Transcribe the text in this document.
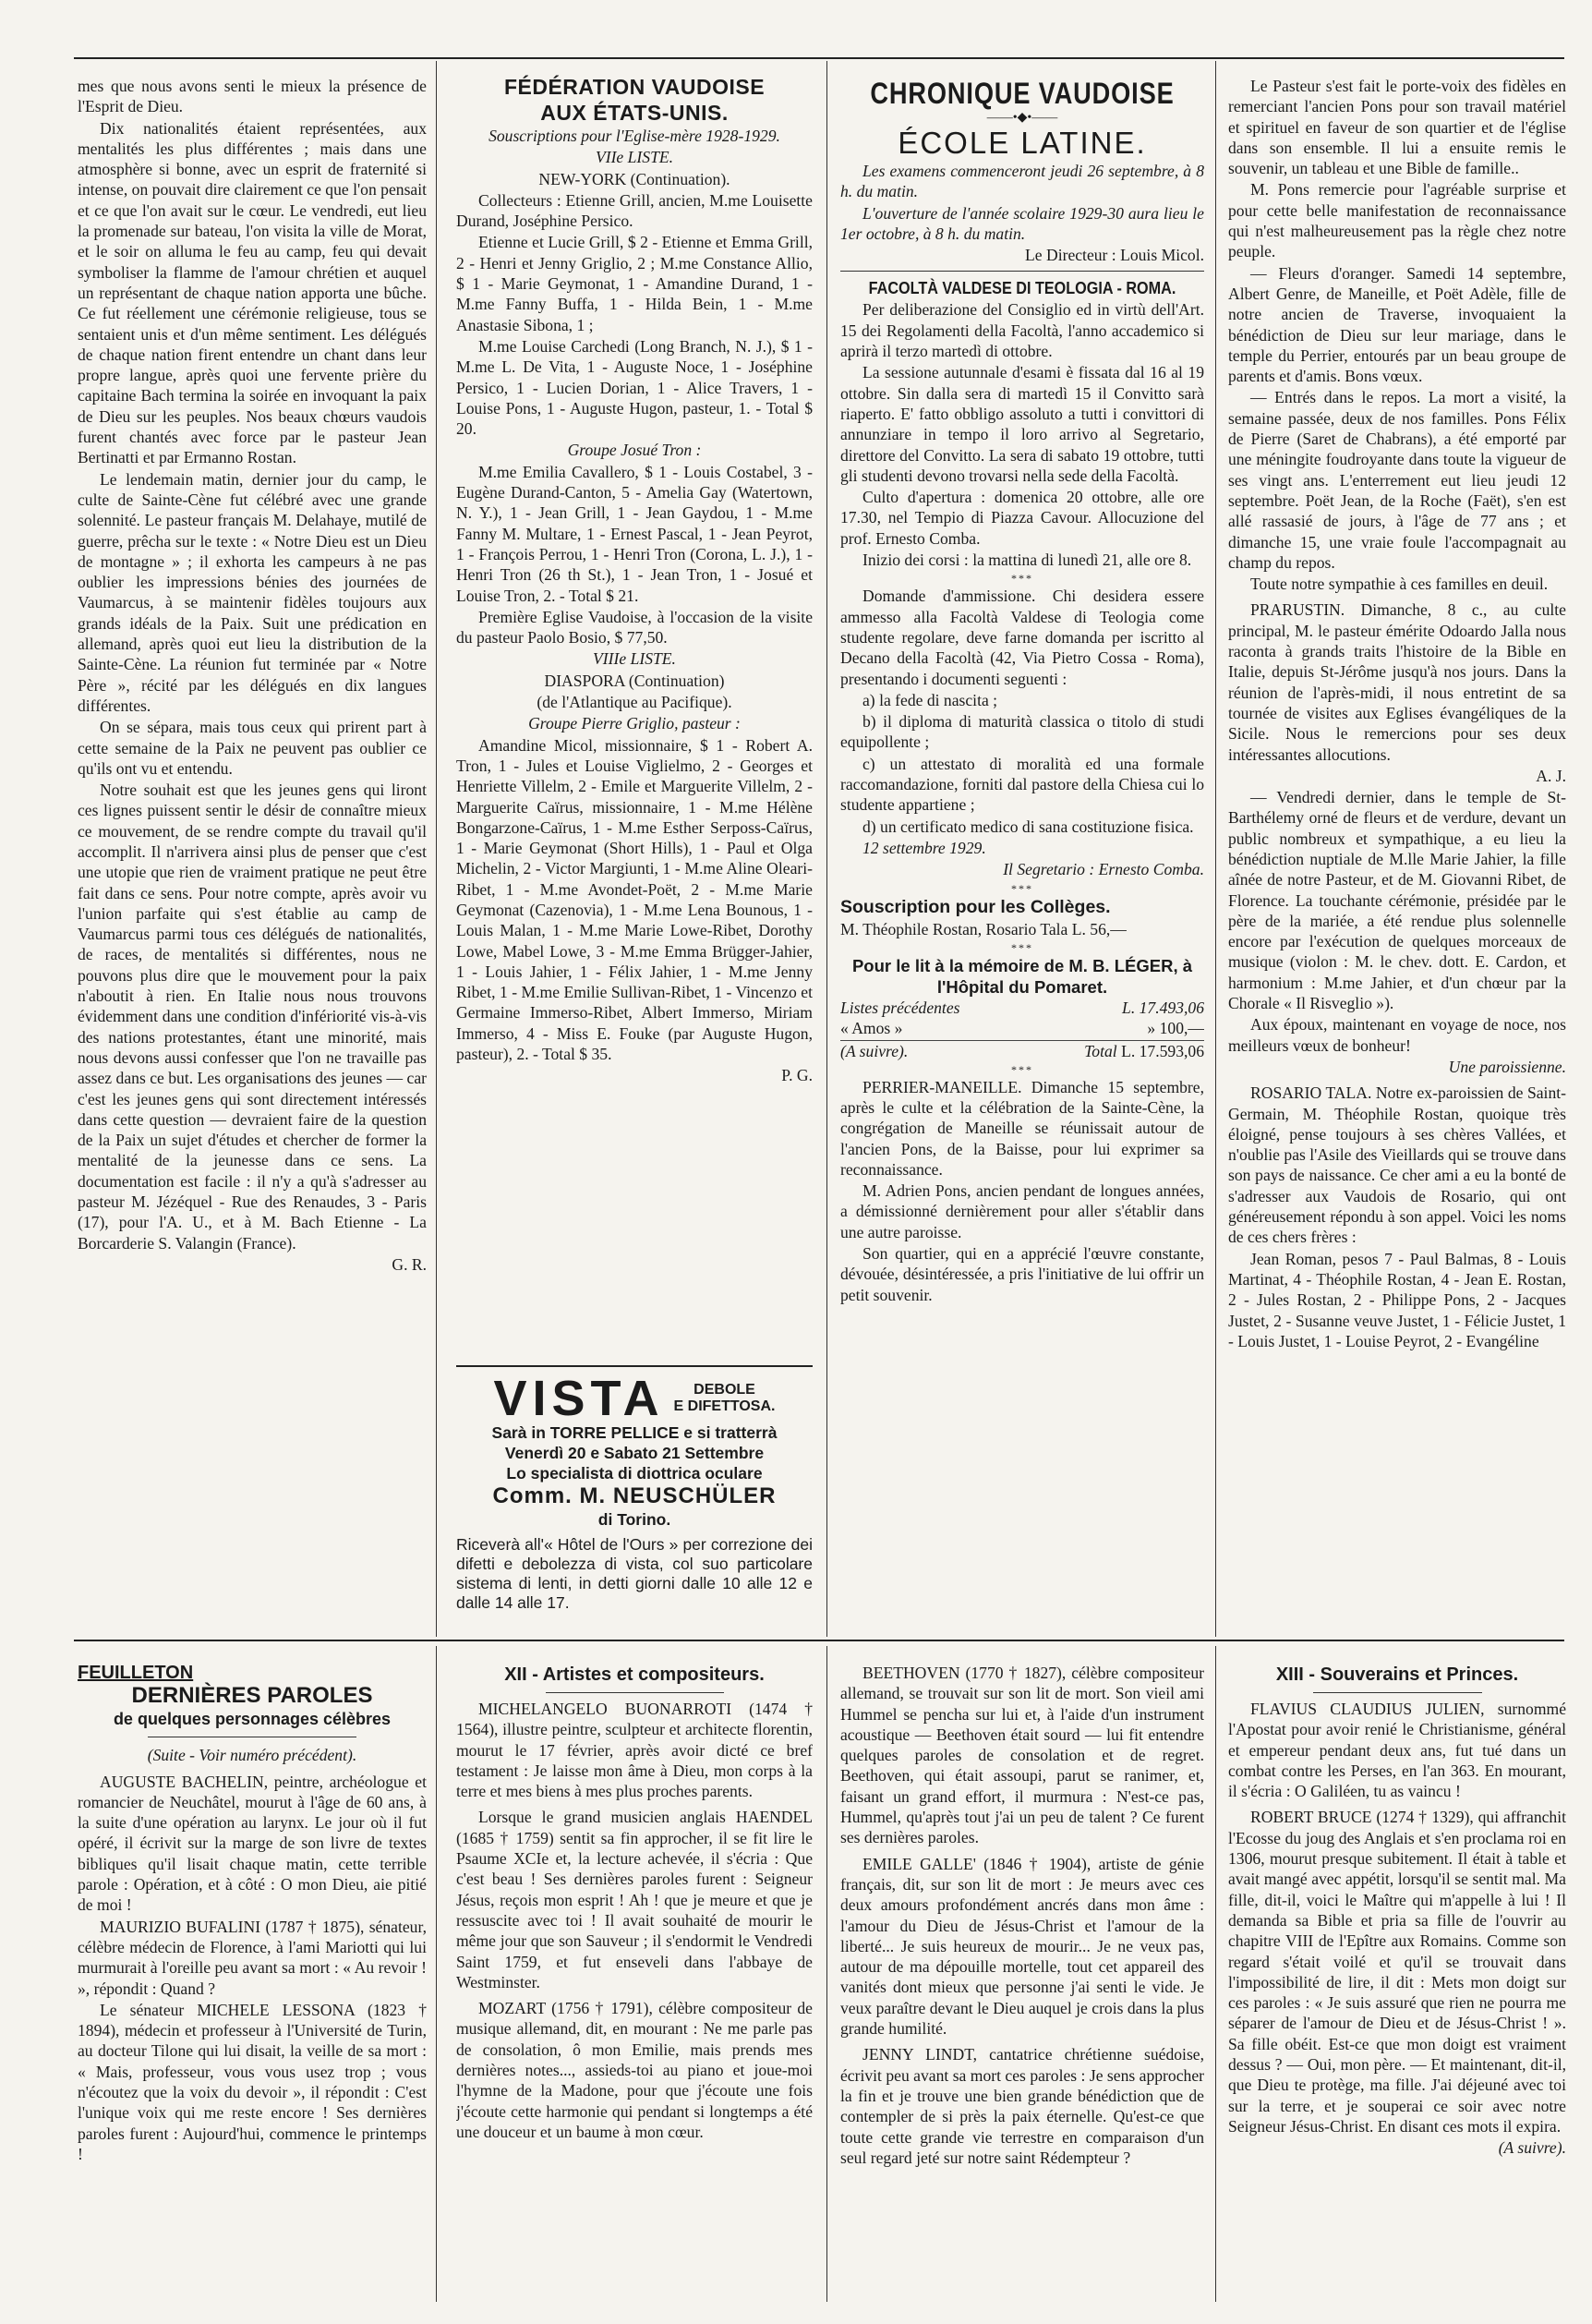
mes que nous avons senti le mieux la présence de l'Esprit de Dieu.

Dix nationalités étaient représentées, aux mentalités les plus différentes ; mais dans une atmosphère si bonne, avec un esprit de fraternité si intense, on pouvait dire clairement ce que l'on pensait et ce que l'on avait sur le cœur. Le vendredi, eut lieu la promenade sur bateau, l'on visita la ville de Morat, et le soir on alluma le feu au camp, feu qui devait symboliser la flamme de l'amour chrétien et auquel un représentant de chaque nation apporta une bûche. Ce fut réellement une cérémonie religieuse, tous se sentaient unis et d'un même sentiment. Les délégués de chaque nation firent entendre un chant dans leur propre langue, après quoi une fervente prière du capitaine Bach termina la soirée en invoquant la paix de Dieu sur les peuples. Nos beaux chœurs vaudois furent chantés avec force par le pasteur Jean Bertinatti et par Ermanno Rostan.

Le lendemain matin, dernier jour du camp, le culte de Sainte-Cène fut célébré avec une grande solennité. Le pasteur français M. Delahaye, mutilé de guerre, prêcha sur le texte : « Notre Dieu est un Dieu de montagne » ; il exhorta les campeurs à ne pas oublier les impressions bénies des journées de Vaumarcus, à se maintenir fidèles toujours aux grands idéals de la Paix. Suit une prédication en allemand, après quoi eut lieu la distribution de la Sainte-Cène. La réunion fut terminée par « Notre Père », récité par les délégués en dix langues différentes.

On se sépara, mais tous ceux qui prirent part à cette semaine de la Paix ne peuvent pas oublier ce qu'ils ont vu et entendu.

Notre souhait est que les jeunes gens qui liront ces lignes puissent sentir le désir de connaître mieux ce mouvement, de se rendre compte du travail qu'il accomplit. Il n'arrivera ainsi plus de penser que c'est une utopie que rien de vraiment pratique ne peut être fait dans ce sens. Pour notre compte, après avoir vu l'union parfaite qui s'est établie au camp de Vaumarcus parmi tous ces délégués de nationalités, de races, de mentalités si différentes, nous ne pouvons plus dire que le mouvement pour la paix n'aboutit à rien. En Italie nous nous trouvons évidemment dans une condition d'infériorité vis-à-vis des nations protestantes, étant une minorité, mais nous devons aussi confesser que l'on ne travaille pas assez dans ce but. Les organisations des jeunes — car c'est les jeunes gens qui sont directement intéressés dans cette question — devraient faire de la question de la Paix un sujet d'études et chercher de former la mentalité de la jeunesse dans ce sens. La documentation est facile : il n'y a qu'à s'adresser au pasteur M. Jézéquel - Rue des Renaudes, 3 - Paris (17), pour l'A. U., et à M. Bach Etienne - La Borcarderie S. Valangin (France).

G. R.

FÉDÉRATION VAUDOISE
AUX ÉTATS-UNIS.

Souscriptions pour l'Eglise-mère 1928-1929.

VIIe LISTE.

NEW-YORK (Continuation).

Collecteurs : Etienne Grill, ancien, M.me Louisette Durand, Joséphine Persico.

Etienne et Lucie Grill, $ 2 - Etienne et Emma Grill, 2 - Henri et Jenny Griglio, 2 ; M.me Constance Allio, $ 1 - Marie Geymonat, 1 - Amandine Durand, 1 - M.me Fanny Buffa, 1 - Hilda Bein, 1 - M.me Anastasie Sibona, 1 ;

M.me Louise Carchedi (Long Branch, N. J.), $ 1 - M.me L. De Vita, 1 - Auguste Noce, 1 - Joséphine Persico, 1 - Lucien Dorian, 1 - Alice Travers, 1 - Louise Pons, 1 - Auguste Hugon, pasteur, 1. - Total $ 20.

Groupe Josué Tron :

M.me Emilia Cavallero, $ 1 - Louis Costabel, 3 - Eugène Durand-Canton, 5 - Amelia Gay (Watertown, N. Y.), 1 - Jean Grill, 1 - Jean Gaydou, 1 - M.me Fanny M. Multare, 1 - Ernest Pascal, 1 - Jean Peyrot, 1 - François Perrou, 1 - Henri Tron (Corona, L. J.), 1 - Henri Tron (26 th St.), 1 - Jean Tron, 1 - Josué et Louise Tron, 2. - Total $ 21.

Première Eglise Vaudoise, à l'occasion de la visite du pasteur Paolo Bosio, $ 77,50.

VIIIe LISTE.

DIASPORA (Continuation)

(de l'Atlantique au Pacifique).

Groupe Pierre Griglio, pasteur :

Amandine Micol, missionnaire, $ 1 - Robert A. Tron, 1 - Jules et Louise Viglielmo, 2 - Georges et Henriette Villelm, 2 - Emile et Marguerite Villelm, 2 - Marguerite Caïrus, missionnaire, 1 - M.me Hélène Bongarzone-Caïrus, 1 - M.me Esther Serposs-Caïrus, 1 - Marie Geymonat (Short Hills), 1 - Paul et Olga Michelin, 2 - Victor Margiunti, 1 - M.me Aline Oleari-Ribet, 1 - M.me Avondet-Poët, 2 - M.me Marie Geymonat (Cazenovia), 1 - M.me Lena Bounous, 1 - Louis Malan, 1 - M.me Marie Lowe-Ribet, Dorothy Lowe, Mabel Lowe, 3 - M.me Emma Brügger-Jahier, 1 - Louis Jahier, 1 - Félix Jahier, 1 - M.me Jenny Ribet, 1 - M.me Emilie Sullivan-Ribet, 1 - Vincenzo et Germaine Immerso-Ribet, Albert Immerso, Miriam Immerso, 4 - Miss E. Fouke (par Auguste Hugon, pasteur), 2. - Total $ 35.

P. G.

VISTA	DEBOLE
E DIFETTOSA.
Sarà in TORRE PELLICE e si tratterrà
Venerdì 20 e Sabato 21 Settembre
Lo specialista di diottrica oculare
Comm. M. NEUSCHÜLER
di Torino.
Riceverà all'« Hôtel de l'Ours » per correzione dei difetti e debolezza di vista, col suo particolare sistema di lenti, in detti giorni dalle 10 alle 12 e dalle 14 alle 17.
CHRONIQUE VAUDOISE
——•◆•——
ÉCOLE LATINE.

Les examens commenceront jeudi 26 septembre, à 8 h. du matin.

L'ouverture de l'année scolaire 1929-30 aura lieu le 1er octobre, à 8 h. du matin.

Le Directeur : Louis Micol.

FACOLTÀ VALDESE DI TEOLOGIA - ROMA.

Per deliberazione del Consiglio ed in virtù dell'Art. 15 dei Regolamenti della Facoltà, l'anno accademico si aprirà il terzo martedì di ottobre.

La sessione autunnale d'esami è fissata dal 16 al 19 ottobre. Sin dalla sera di martedì 15 il Convitto sarà riaperto. E' fatto obbligo assoluto a tutti i convittori di annunziare in tempo il loro arrivo al Segretario, direttore del Convitto. La sera di sabato 19 ottobre, tutti gli studenti devono trovarsi nella sede della Facoltà.

Culto d'apertura : domenica 20 ottobre, alle ore 17.30, nel Tempio di Piazza Cavour. Allocuzione del prof. Ernesto Comba.

Inizio dei corsi : la mattina di lunedì 21, alle ore 8.

***

Domande d'ammissione. Chi desidera essere ammesso alla Facoltà Valdese di Teologia come studente regolare, deve farne domanda per iscritto al Decano della Facoltà (42, Via Pietro Cossa - Roma), presentando i documenti seguenti :

a) la fede di nascita ;

b) il diploma di maturità classica o titolo di studi equipollente ;

c) un attestato di moralità ed una formale raccomandazione, forniti dal pastore della Chiesa cui lo studente appartiene ;

d) un certificato medico di sana costituzione fisica.

12 settembre 1929.

Il Segretario : Ernesto Comba.

***
Souscription pour les Collèges.

M. Théophile Rostan, Rosario Tala L. 56,—

***
Pour le lit à la mémoire de M. B. LÉGER, à l'Hôpital du Pomaret.
Listes précédentes	L. 17.493,06
« Amos »	» 100,—
(A suivre).	Total L. 17.593,06
***

PERRIER-MANEILLE. Dimanche 15 septembre, après le culte et la célébration de la Sainte-Cène, la congrégation de Maneille se réunissait autour de l'ancien Pons, de la Baisse, pour lui exprimer sa reconnaissance.

M. Adrien Pons, ancien pendant de longues années, a démissionné dernièrement pour aller s'établir dans une autre paroisse.

Son quartier, qui en a apprécié l'œuvre constante, dévouée, désintéressée, a pris l'initiative de lui offrir un petit souvenir.

Le Pasteur s'est fait le porte-voix des fidèles en remerciant l'ancien Pons pour son travail matériel et spirituel en faveur de son quartier et de l'église dans son ensemble. Il lui a ensuite remis le souvenir, un tableau et une Bible de famille..

M. Pons remercie pour l'agréable surprise et pour cette belle manifestation de reconnaissance qui n'est malheureusement pas la règle chez notre peuple.

— Fleurs d'oranger. Samedi 14 septembre, Albert Genre, de Maneille, et Poët Adèle, fille de notre ancien de Traverse, invoquaient la bénédiction de Dieu sur leur mariage, dans le temple du Perrier, entourés par un beau groupe de parents et d'amis. Bons vœux.

— Entrés dans le repos. La mort a visité, la semaine passée, deux de nos familles. Pons Félix de Pierre (Saret de Chabrans), a été emporté par une méningite foudroyante dans toute la vigueur de ses vingt ans. L'enterrement eut lieu jeudi 12 septembre. Poët Jean, de la Roche (Faët), s'en est allé rassasié de jours, à l'âge de 77 ans ; et dimanche 15, une vraie foule l'accompagnait au champ du repos.

Toute notre sympathie à ces familles en deuil.

PRARUSTIN. Dimanche, 8 c., au culte principal, M. le pasteur émérite Odoardo Jalla nous raconta à grands traits l'histoire de la Bible en Italie, depuis St-Jérôme jusqu'à nos jours. Dans la réunion de l'après-midi, il nous entretint de sa tournée de visites aux Eglises évangéliques de la Sicile. Nous le remercions pour ses deux intéressantes allocutions.

A. J.

— Vendredi dernier, dans le temple de St-Barthélemy orné de fleurs et de verdure, devant un public nombreux et sympathique, a eu lieu la bénédiction nuptiale de M.lle Marie Jahier, la fille aînée de notre Pasteur, et de M. Giovanni Ribet, de Florence. La touchante cérémonie, présidée par le père de la mariée, a été rendue plus solennelle encore par l'exécution de quelques morceaux de musique (violon : M. le chev. dott. E. Cardon, et harmonium : M.me Jahier, et d'un chœur par la Chorale « Il Risveglio »).

Aux époux, maintenant en voyage de noce, nos meilleurs vœux de bonheur!

Une paroissienne.

ROSARIO TALA. Notre ex-paroissien de Saint-Germain, M. Théophile Rostan, quoique très éloigné, pense toujours à ses chères Vallées, et n'oublie pas l'Asile des Vieillards qui se trouve dans son pays de naissance. Ce cher ami a eu la bonté de s'adresser aux Vaudois de Rosario, qui ont généreusement répondu à son appel. Voici les noms de ces chers frères :

Jean Roman, pesos 7 - Paul Balmas, 8 - Louis Martinat, 4 - Théophile Rostan, 4 - Jean E. Rostan, 2 - Jules Rostan, 2 - Philippe Pons, 2 - Jacques Justet, 2 - Susanne veuve Justet, 1 - Félicie Justet, 1 - Louis Justet, 1 - Louise Peyrot, 2 - Evangéline

FEUILLETON
DERNIÈRES PAROLES
de quelques personnages célèbres

(Suite - Voir numéro précédent).

AUGUSTE BACHELIN, peintre, archéologue et romancier de Neuchâtel, mourut à l'âge de 60 ans, à la suite d'une opération au larynx. Le jour où il fut opéré, il écrivit sur la marge de son livre de textes bibliques qu'il lisait chaque matin, cette terrible parole : Opération, et à côté : O mon Dieu, aie pitié de moi !

MAURIZIO BUFALINI (1787 † 1875), sénateur, célèbre médecin de Florence, à l'ami Mariotti qui lui murmurait à l'oreille peu avant sa mort : « Au revoir ! », répondit : Quand ?

Le sénateur MICHELE LESSONA (1823 † 1894), médecin et professeur à l'Université de Turin, au docteur Tilone qui lui disait, la veille de sa mort : « Mais, professeur, vous vous usez trop ; vous n'écoutez que la voix du devoir », il répondit : C'est l'unique voix qui me reste encore ! Ses dernières paroles furent : Aujourd'hui, commence le printemps !

XII - Artistes et compositeurs.

MICHELANGELO BUONARROTI (1474 † 1564), illustre peintre, sculpteur et architecte florentin, mourut le 17 février, après avoir dicté ce bref testament : Je laisse mon âme à Dieu, mon corps à la terre et mes biens à mes plus proches parents.

Lorsque le grand musicien anglais HAENDEL (1685 † 1759) sentit sa fin approcher, il se fit lire le Psaume XCIe et, la lecture achevée, il s'écria : Que c'est beau ! Ses dernières paroles furent : Seigneur Jésus, reçois mon esprit ! Ah ! que je meure et que je ressuscite avec toi ! Il avait souhaité de mourir le même jour que son Sauveur ; il s'endormit le Vendredi Saint 1759, et fut enseveli dans l'abbaye de Westminster.

MOZART (1756 † 1791), célèbre compositeur de musique allemand, dit, en mourant : Ne me parle pas de consolation, ô mon Emilie, mais prends mes dernières notes..., assieds-toi au piano et joue-moi l'hymne de la Madone, pour que j'écoute une fois j'écoute cette harmonie qui pendant si longtemps a été une douceur et un baume à mon cœur.

BEETHOVEN (1770 † 1827), célèbre compositeur allemand, se trouvait sur son lit de mort. Son vieil ami Hummel se pencha sur lui et, à l'aide d'un instrument acoustique — Beethoven était sourd — lui fit entendre quelques paroles de consolation et de regret. Beethoven, qui était assoupi, parut se ranimer, et, faisant un grand effort, il murmura : N'est-ce pas, Hummel, qu'après tout j'ai un peu de talent ? Ce furent ses dernières paroles.

EMILE GALLE' (1846 † 1904), artiste de génie français, dit, sur son lit de mort : Je meurs avec ces deux amours profondément ancrés dans mon âme : l'amour du Dieu de Jésus-Christ et l'amour de la liberté... Je suis heureux de mourir... Je ne veux pas, autour de ma dépouille mortelle, tout cet appareil des vanités dont mieux que personne j'ai senti le vide. Je veux paraître devant le Dieu auquel je crois dans la plus grande humilité.

JENNY LINDT, cantatrice chrétienne suédoise, écrivit peu avant sa mort ces paroles : Je sens approcher la fin et je trouve une bien grande bénédiction que de contempler de si près la paix éternelle. Qu'est-ce que toute cette grande vie terrestre en comparaison d'un seul regard jeté sur notre saint Rédempteur ?

XIII - Souverains et Princes.

FLAVIUS CLAUDIUS JULIEN, surnommé l'Apostat pour avoir renié le Christianisme, général et empereur pendant deux ans, fut tué dans un combat contre les Perses, en l'an 363. En mourant, il s'écria : O Galiléen, tu as vaincu !

ROBERT BRUCE (1274 † 1329), qui affranchit l'Ecosse du joug des Anglais et s'en proclama roi en 1306, mourut presque subitement. Il était à table et avait mangé avec appétit, lorsqu'il se sentit mal. Ma fille, dit-il, voici le Maître qui m'appelle à lui ! Il demanda sa Bible et pria sa fille de l'ouvrir au chapitre VIII de l'Epître aux Romains. Comme son regard s'était voilé et qu'il se trouvait dans l'impossibilité de lire, il dit : Mets mon doigt sur ces paroles : « Je suis assuré que rien ne pourra me séparer de l'amour de Dieu et de Jésus-Christ ! ». Sa fille obéit. Est-ce que mon doigt est vraiment dessus ? — Oui, mon père. — Et maintenant, dit-il, que Dieu te protège, ma fille. J'ai déjeuné avec toi sur la terre, et je souperai ce soir avec notre Seigneur Jésus-Christ. En disant ces mots il expira.

(A suivre).
